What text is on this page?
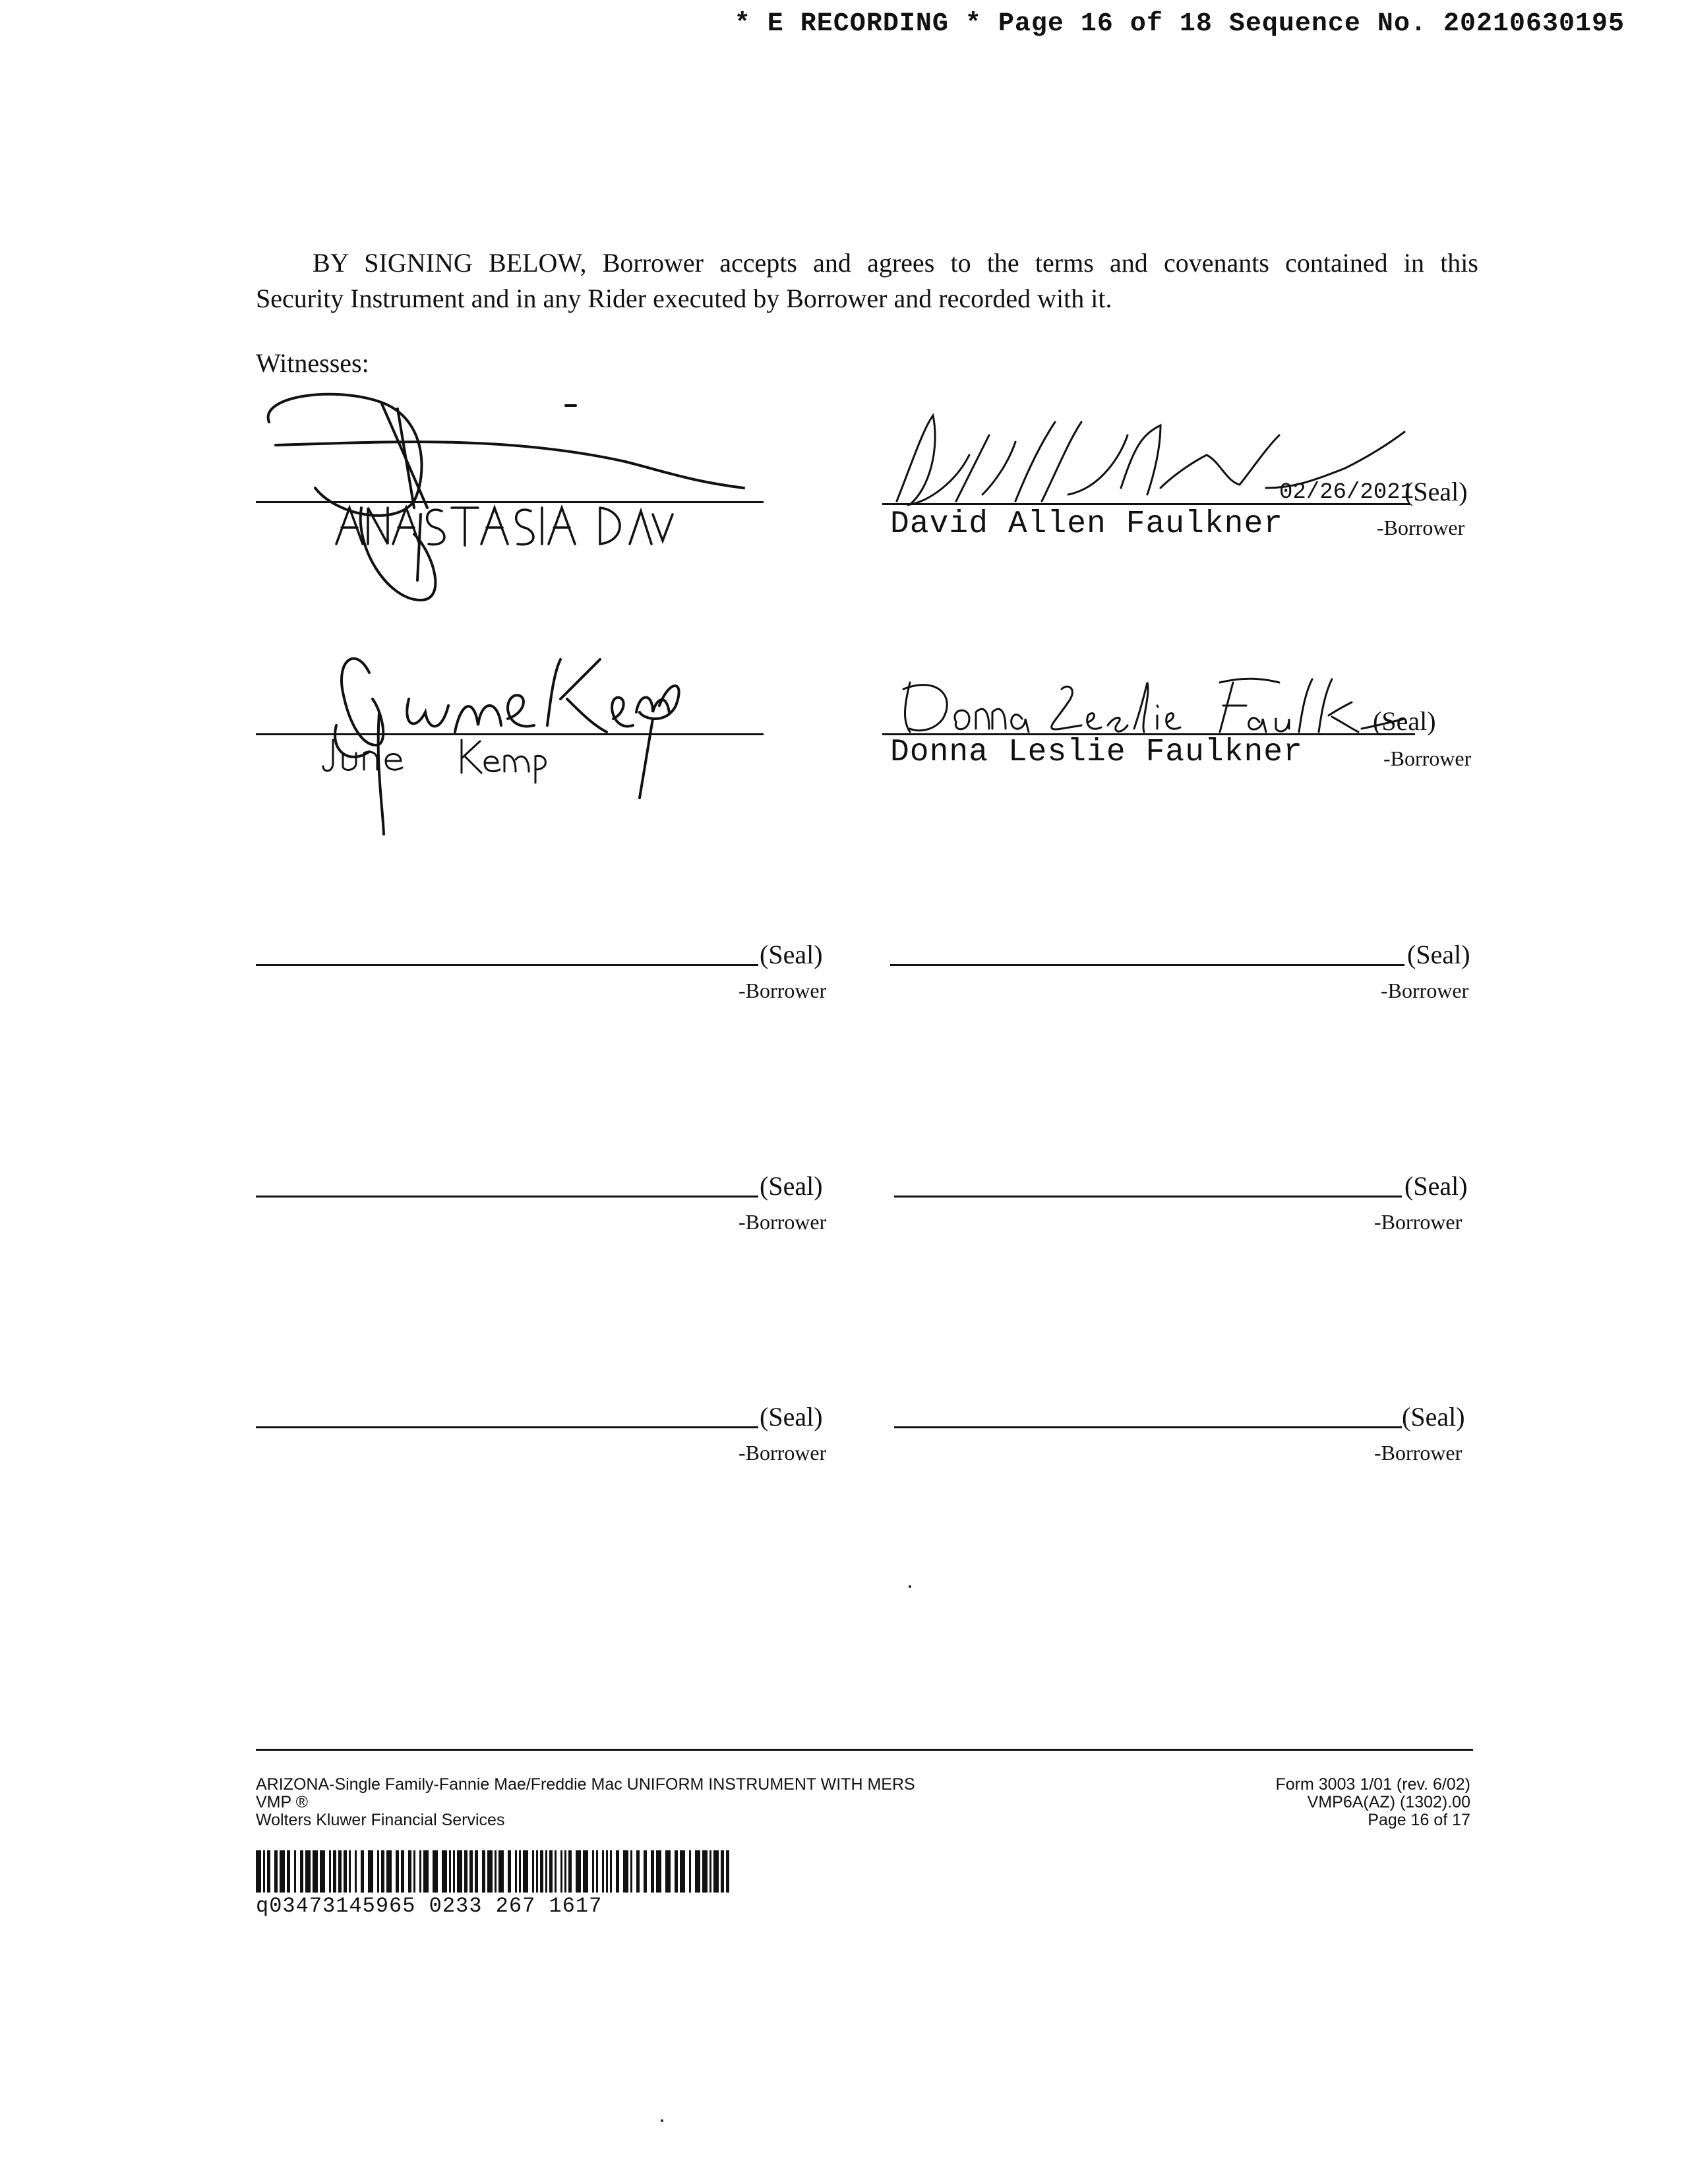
* E RECORDING * Page 16 of 18 Sequence No. 20210630195
BY SIGNING BELOW, Borrower accepts and agrees to the terms and covenants contained in this
Security Instrument and in any Rider executed by Borrower and recorded with it.
Witnesses:
02/26/2021
(Seal)
David Allen Faulkner	-Borrower
(Seal)
Donna Leslie Faulkner	-Borrower
(Seal)
-Borrower
(Seal)
-Borrower
(Seal)
-Borrower
(Seal)
-Borrower
(Seal)
-Borrower
(Seal)
-Borrower
ARIZONA-Single Family-Fannie Mae/Freddie Mac UNIFORM INSTRUMENT WITH MERS
VMP ®
Wolters Kluwer Financial Services
Form 3003 1/01 (rev. 6/02)
VMP6A(AZ) (1302).00
Page 16 of 17
q03473145965 0233 267 1617
